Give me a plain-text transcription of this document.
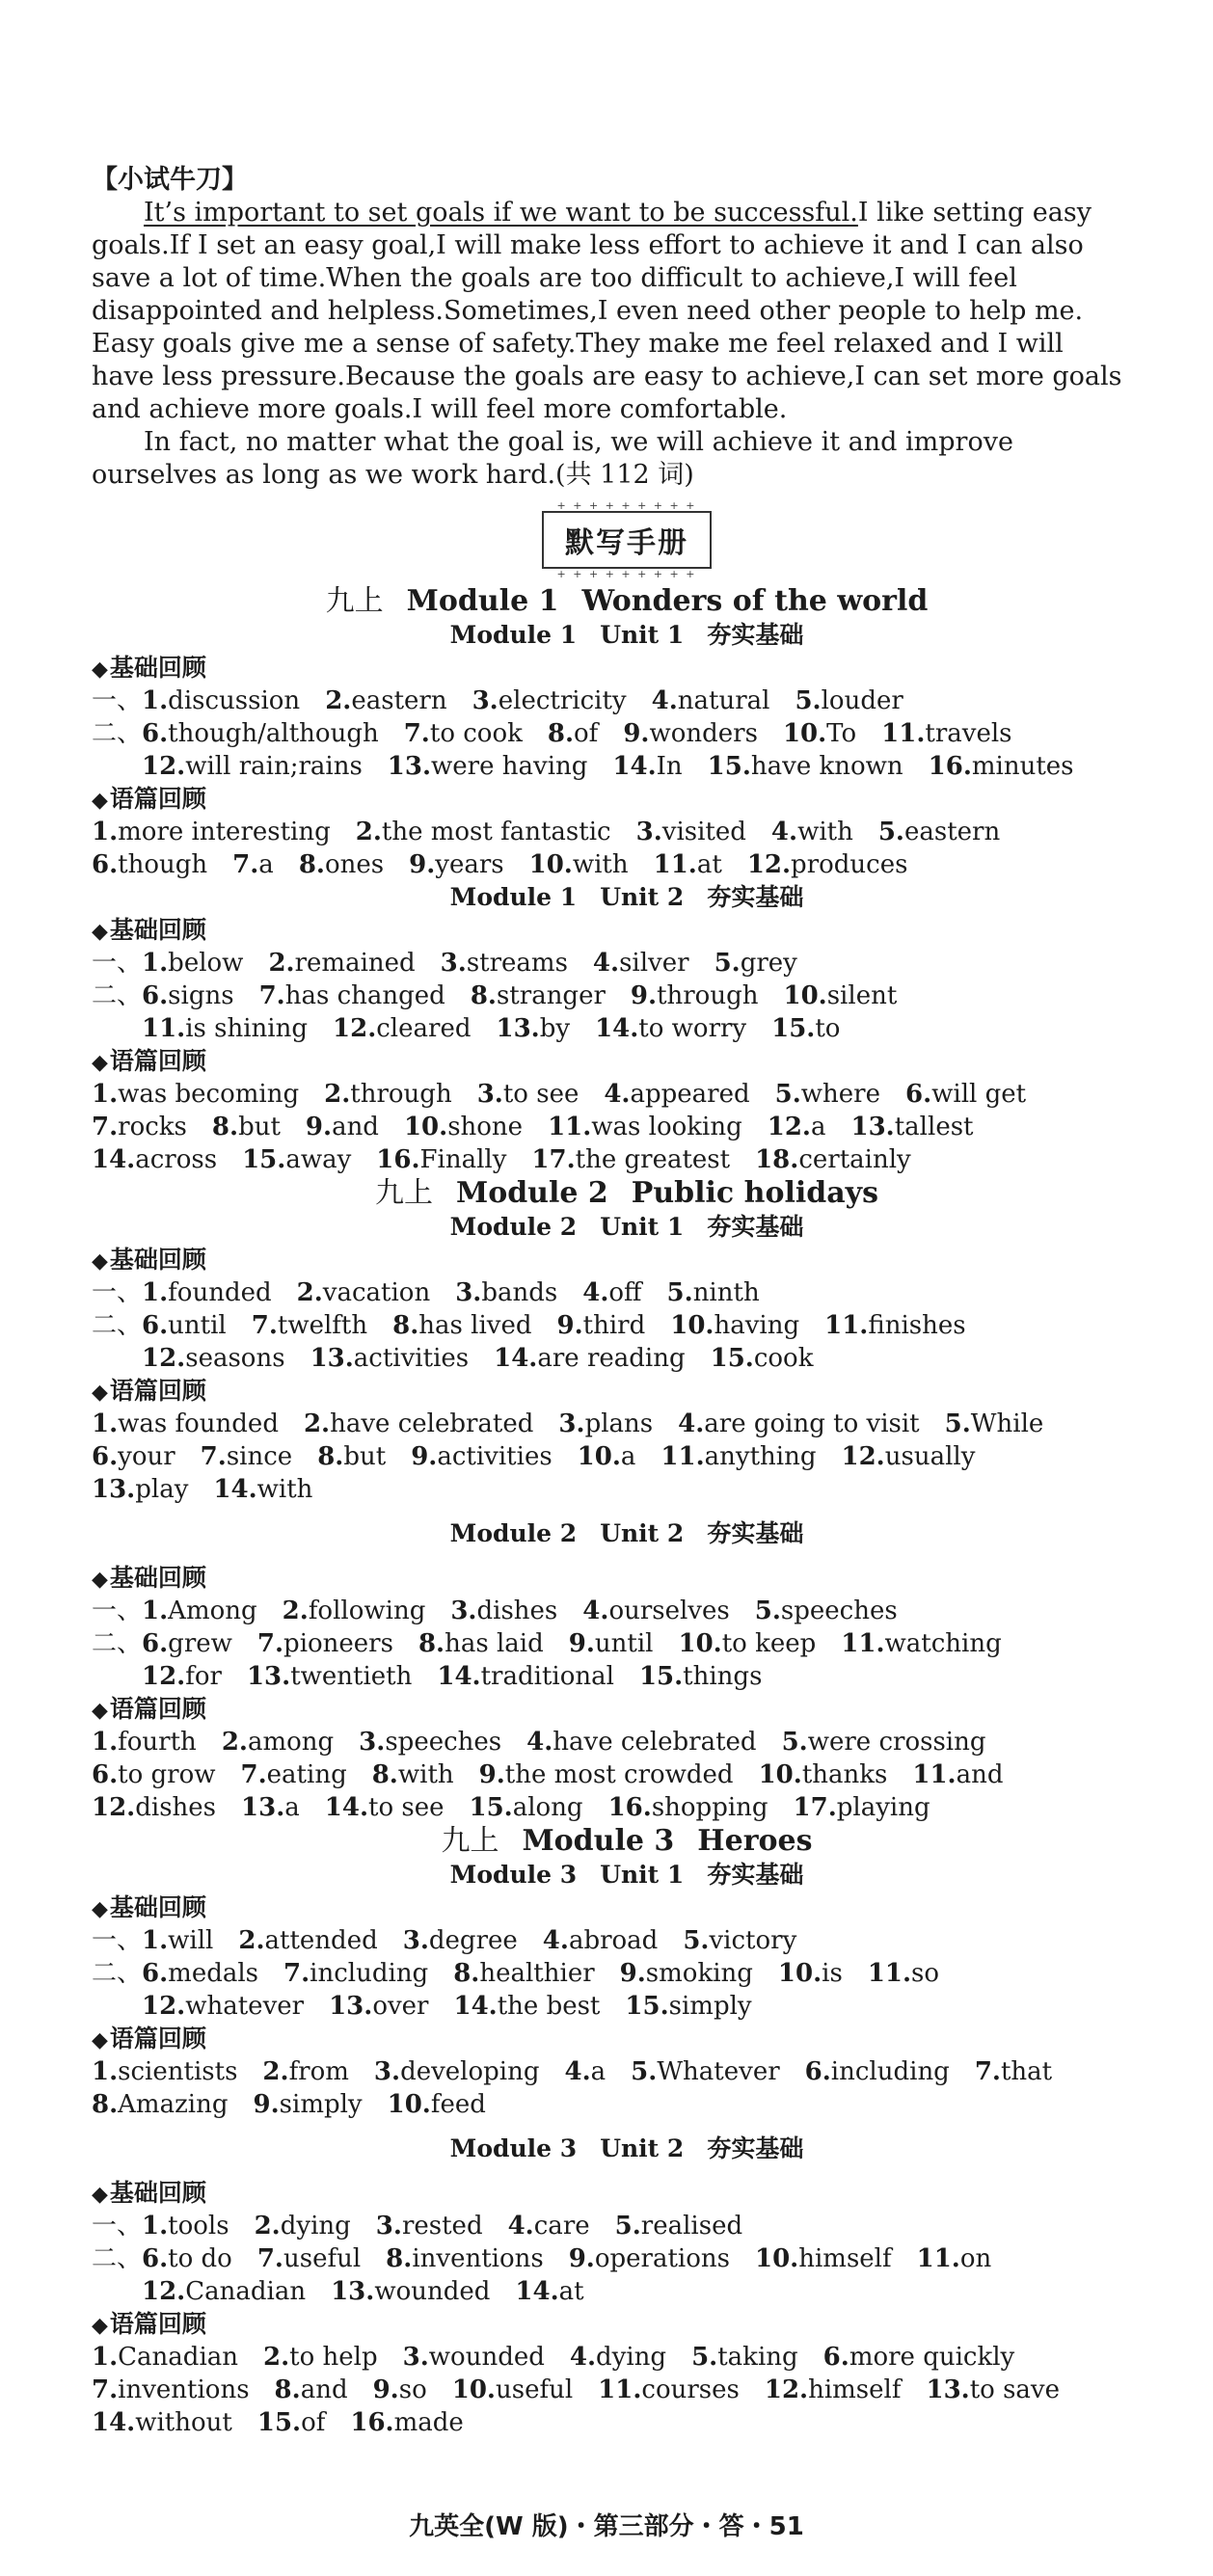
【小试牛刀】

It’s important to set goals if we want to be successful.I like setting easy

goals.If I set an easy goal,I will make less effort to achieve it and I can also

save a lot of time.When the goals are too difficult to achieve,I will feel

disappointed and helpless.Sometimes,I even need other people to help me.

Easy goals give me a sense of safety.They make me feel relaxed and I will

have less pressure.Because the goals are easy to achieve,I can set more goals

and achieve more goals.I will feel more comfortable.

In fact, no matter what the goal is, we will achieve it and improve

ourselves as long as we work hard.(共 112 词)

+ + + + + + + + + 默写手册 + + + + + + + + +
九上 Module 1 Wonders of the world
Module 1 Unit 1 夯实基础
◆基础回顾
一、1.discussion 2.eastern 3.electricity 4.natural 5.louder
二、6.though/although 7.to cook 8.of 9.wonders 10.To 11.travels
12.will rain;rains 13.were having 14.In 15.have known 16.minutes
◆语篇回顾
1.more interesting 2.the most fantastic 3.visited 4.with 5.eastern
6.though 7.a 8.ones 9.years 10.with 11.at 12.produces
Module 1 Unit 2 夯实基础
◆基础回顾
一、1.below 2.remained 3.streams 4.silver 5.grey
二、6.signs 7.has changed 8.stranger 9.through 10.silent
11.is shining 12.cleared 13.by 14.to worry 15.to
◆语篇回顾
1.was becoming 2.through 3.to see 4.appeared 5.where 6.will get
7.rocks 8.but 9.and 10.shone 11.was looking 12.a 13.tallest
14.across 15.away 16.Finally 17.the greatest 18.certainly
九上 Module 2 Public holidays
Module 2 Unit 1 夯实基础
◆基础回顾
一、1.founded 2.vacation 3.bands 4.off 5.ninth
二、6.until 7.twelfth 8.has lived 9.third 10.having 11.finishes
12.seasons 13.activities 14.are reading 15.cook
◆语篇回顾
1.was founded 2.have celebrated 3.plans 4.are going to visit 5.While
6.your 7.since 8.but 9.activities 10.a 11.anything 12.usually
13.play 14.with
Module 2 Unit 2 夯实基础
◆基础回顾
一、1.Among 2.following 3.dishes 4.ourselves 5.speeches
二、6.grew 7.pioneers 8.has laid 9.until 10.to keep 11.watching
12.for 13.twentieth 14.traditional 15.things
◆语篇回顾
1.fourth 2.among 3.speeches 4.have celebrated 5.were crossing
6.to grow 7.eating 8.with 9.the most crowded 10.thanks 11.and
12.dishes 13.a 14.to see 15.along 16.shopping 17.playing
九上 Module 3 Heroes
Module 3 Unit 1 夯实基础
◆基础回顾
一、1.will 2.attended 3.degree 4.abroad 5.victory
二、6.medals 7.including 8.healthier 9.smoking 10.is 11.so
12.whatever 13.over 14.the best 15.simply
◆语篇回顾
1.scientists 2.from 3.developing 4.a 5.Whatever 6.including 7.that
8.Amazing 9.simply 10.feed
Module 3 Unit 2 夯实基础
◆基础回顾
一、1.tools 2.dying 3.rested 4.care 5.realised
二、6.to do 7.useful 8.inventions 9.operations 10.himself 11.on
12.Canadian 13.wounded 14.at
◆语篇回顾
1.Canadian 2.to help 3.wounded 4.dying 5.taking 6.more quickly
7.inventions 8.and 9.so 10.useful 11.courses 12.himself 13.to save
14.without 15.of 16.made
九英全(W 版)・第三部分・答・51
